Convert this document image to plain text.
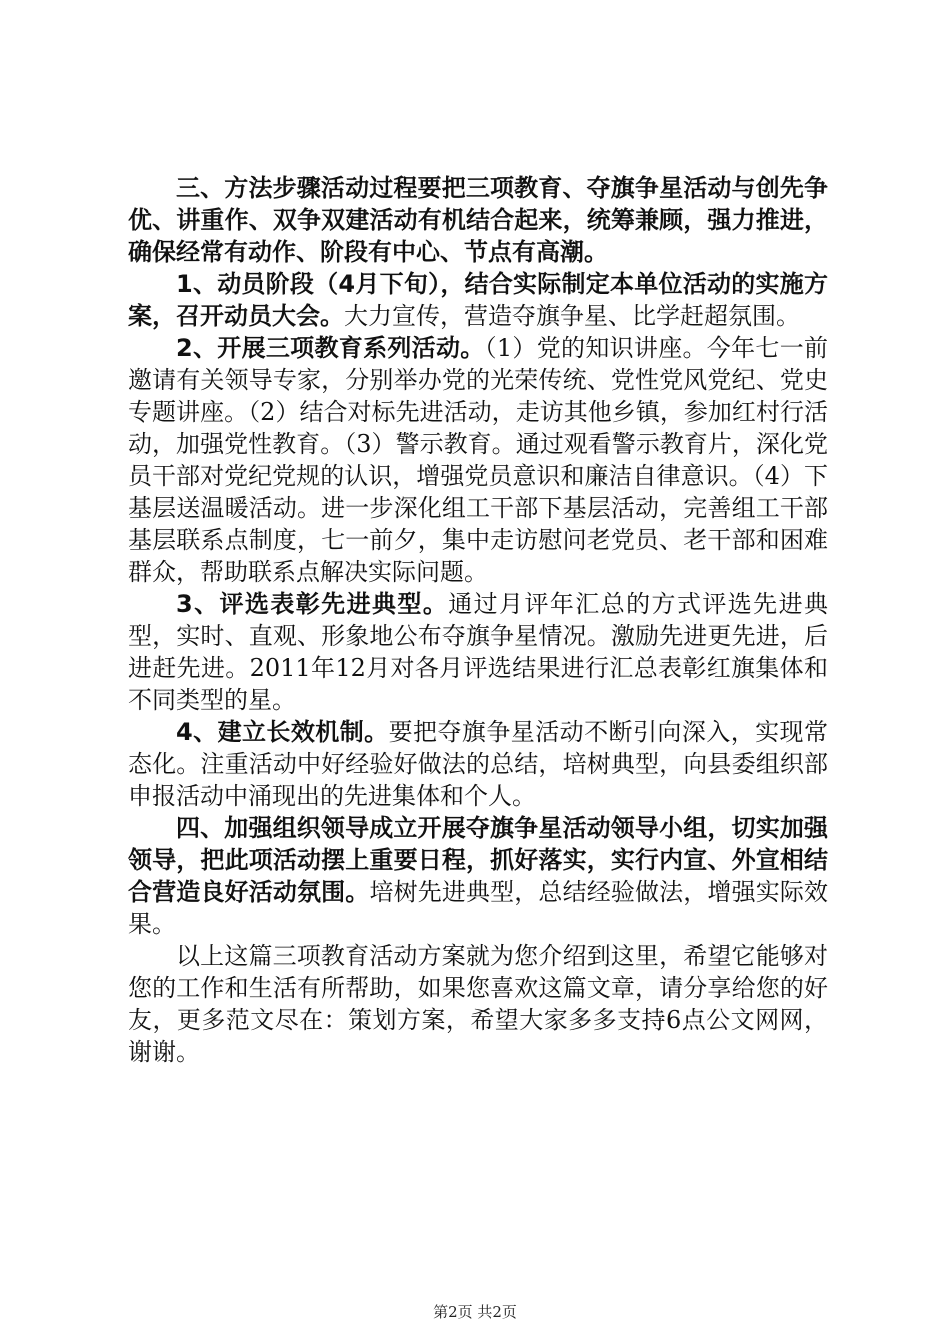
三、方法步骤活动过程要把三项教育、夺旗争星活动与创先争优、讲重作、双争双建活动有机结合起来，统筹兼顾，强力推进，确保经常有动作、阶段有中心、节点有高潮。

1、动员阶段（4月下旬），结合实际制定本单位活动的实施方案，召开动员大会。大力宣传，营造夺旗争星、比学赶超氛围。

2、开展三项教育系列活动。（1）党的知识讲座。今年七一前邀请有关领导专家，分别举办党的光荣传统、党性党风党纪、党史专题讲座。（2）结合对标先进活动，走访其他乡镇，参加红村行活动，加强党性教育。（3）警示教育。通过观看警示教育片，深化党员干部对党纪党规的认识，增强党员意识和廉洁自律意识。（4）下基层送温暖活动。进一步深化组工干部下基层活动，完善组工干部基层联系点制度，七一前夕，集中走访慰问老党员、老干部和困难群众，帮助联系点解决实际问题。

3、评选表彰先进典型。通过月评年汇总的方式评选先进典型，实时、直观、形象地公布夺旗争星情况。激励先进更先进，后进赶先进。2011年12月对各月评选结果进行汇总表彰红旗集体和不同类型的星。

4、建立长效机制。要把夺旗争星活动不断引向深入，实现常态化。注重活动中好经验好做法的总结，培树典型，向县委组织部申报活动中涌现出的先进集体和个人。

四、加强组织领导成立开展夺旗争星活动领导小组，切实加强领导，把此项活动摆上重要日程，抓好落实，实行内宣、外宣相结合营造良好活动氛围。培树先进典型，总结经验做法，增强实际效果。

以上这篇三项教育活动方案就为您介绍到这里，希望它能够对您的工作和生活有所帮助，如果您喜欢这篇文章，请分享给您的好友，更多范文尽在：策划方案，希望大家多多支持6点公文网网，谢谢。

第2页 共2页
